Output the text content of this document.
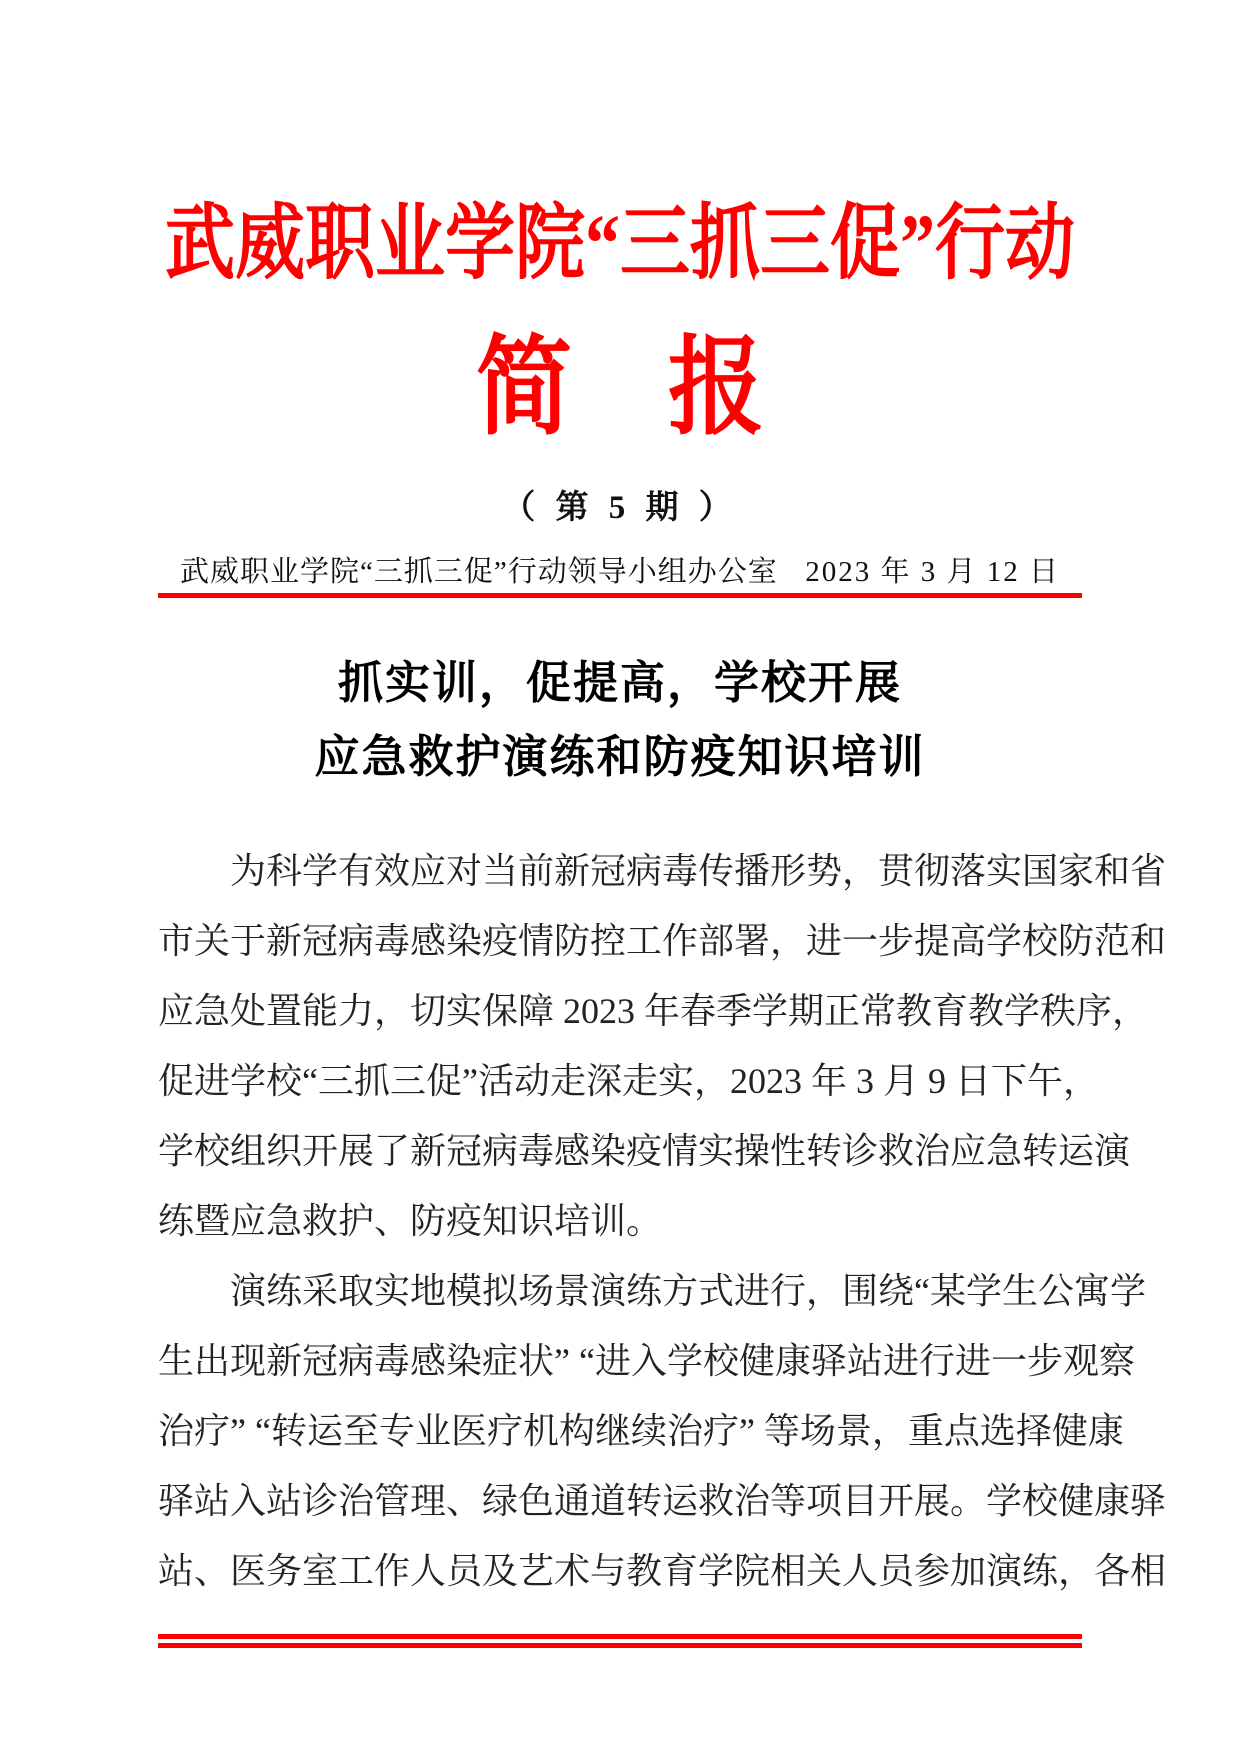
武威职业学院“三抓三促”行动
简　报
（ 第 5 期 ）
武威职业学院“三抓三促”行动领导小组办公室 2023 年 3 月 12 日
抓实训，促提高，学校开展
应急救护演练和防疫知识培训
为科学有效应对当前新冠病毒传播形势，贯彻落实国家和省
市关于新冠病毒感染疫情防控工作部署，进一步提高学校防范和
应急处置能力，切实保障 2023 年春季学期正常教育教学秩序，
促进学校“三抓三促”活动走深走实，2023 年 3 月 9 日下午，
学校组织开展了新冠病毒感染疫情实操性转诊救治应急转运演
练暨应急救护、防疫知识培训。
演练采取实地模拟场景演练方式进行，围绕“某学生公寓学
生出现新冠病毒感染症状” “进入学校健康驿站进行进一步观察
治疗” “转运至专业医疗机构继续治疗” 等场景，重点选择健康
驿站入站诊治管理、绿色通道转运救治等项目开展。学校健康驿
站、医务室工作人员及艺术与教育学院相关人员参加演练，各相
